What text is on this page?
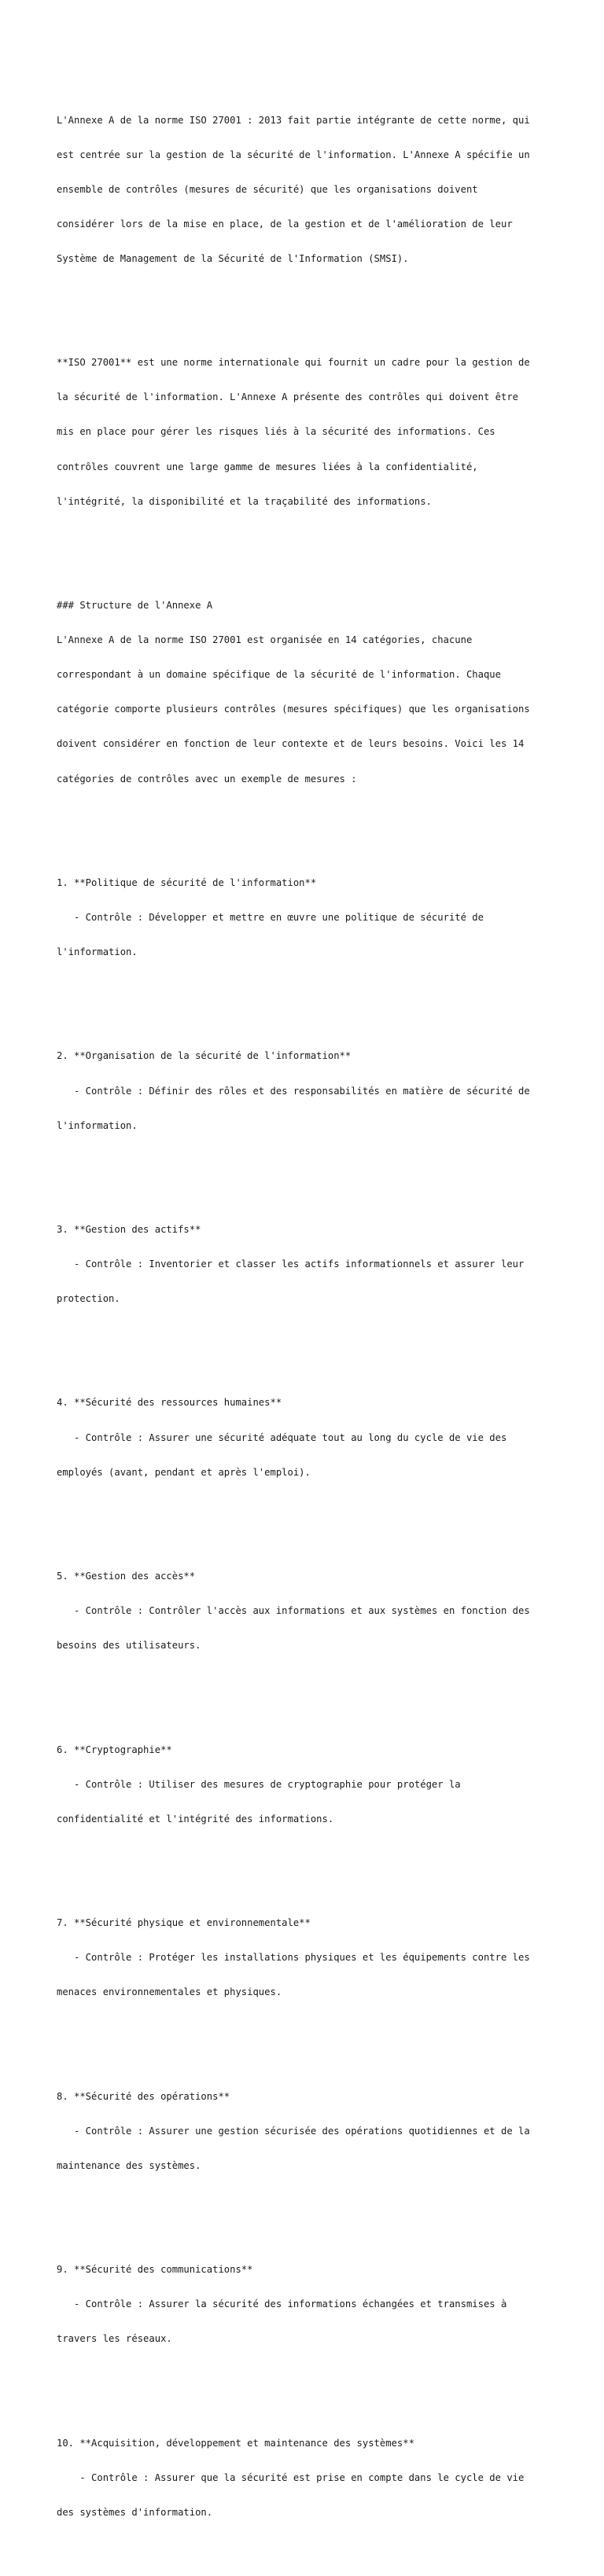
L'Annexe A de la norme ISO 27001 : 2013 fait partie intégrante de cette norme, qui

est centrée sur la gestion de la sécurité de l'information. L'Annexe A spécifie un

ensemble de contrôles (mesures de sécurité) que les organisations doivent

considérer lors de la mise en place, de la gestion et de l'amélioration de leur

Système de Management de la Sécurité de l'Information (SMSI).

**ISO 27001** est une norme internationale qui fournit un cadre pour la gestion de

la sécurité de l'information. L'Annexe A présente des contrôles qui doivent être

mis en place pour gérer les risques liés à la sécurité des informations. Ces

contrôles couvrent une large gamme de mesures liées à la confidentialité,

l'intégrité, la disponibilité et la traçabilité des informations.

### Structure de l'Annexe A

L'Annexe A de la norme ISO 27001 est organisée en 14 catégories, chacune

correspondant à un domaine spécifique de la sécurité de l'information. Chaque

catégorie comporte plusieurs contrôles (mesures spécifiques) que les organisations

doivent considérer en fonction de leur contexte et de leurs besoins. Voici les 14

catégories de contrôles avec un exemple de mesures :

1. **Politique de sécurité de l'information**

- Contrôle : Développer et mettre en œuvre une politique de sécurité de

l'information.

2. **Organisation de la sécurité de l'information**

- Contrôle : Définir des rôles et des responsabilités en matière de sécurité de

l'information.

3. **Gestion des actifs**

- Contrôle : Inventorier et classer les actifs informationnels et assurer leur

protection.

4. **Sécurité des ressources humaines**

- Contrôle : Assurer une sécurité adéquate tout au long du cycle de vie des

employés (avant, pendant et après l'emploi).

5. **Gestion des accès**

- Contrôle : Contrôler l'accès aux informations et aux systèmes en fonction des

besoins des utilisateurs.

6. **Cryptographie**

- Contrôle : Utiliser des mesures de cryptographie pour protéger la

confidentialité et l'intégrité des informations.

7. **Sécurité physique et environnementale**

- Contrôle : Protéger les installations physiques et les équipements contre les

menaces environnementales et physiques.

8. **Sécurité des opérations**

- Contrôle : Assurer une gestion sécurisée des opérations quotidiennes et de la

maintenance des systèmes.

9. **Sécurité des communications**

- Contrôle : Assurer la sécurité des informations échangées et transmises à

travers les réseaux.

10. **Acquisition, développement et maintenance des systèmes**

- Contrôle : Assurer que la sécurité est prise en compte dans le cycle de vie

des systèmes d'information.
